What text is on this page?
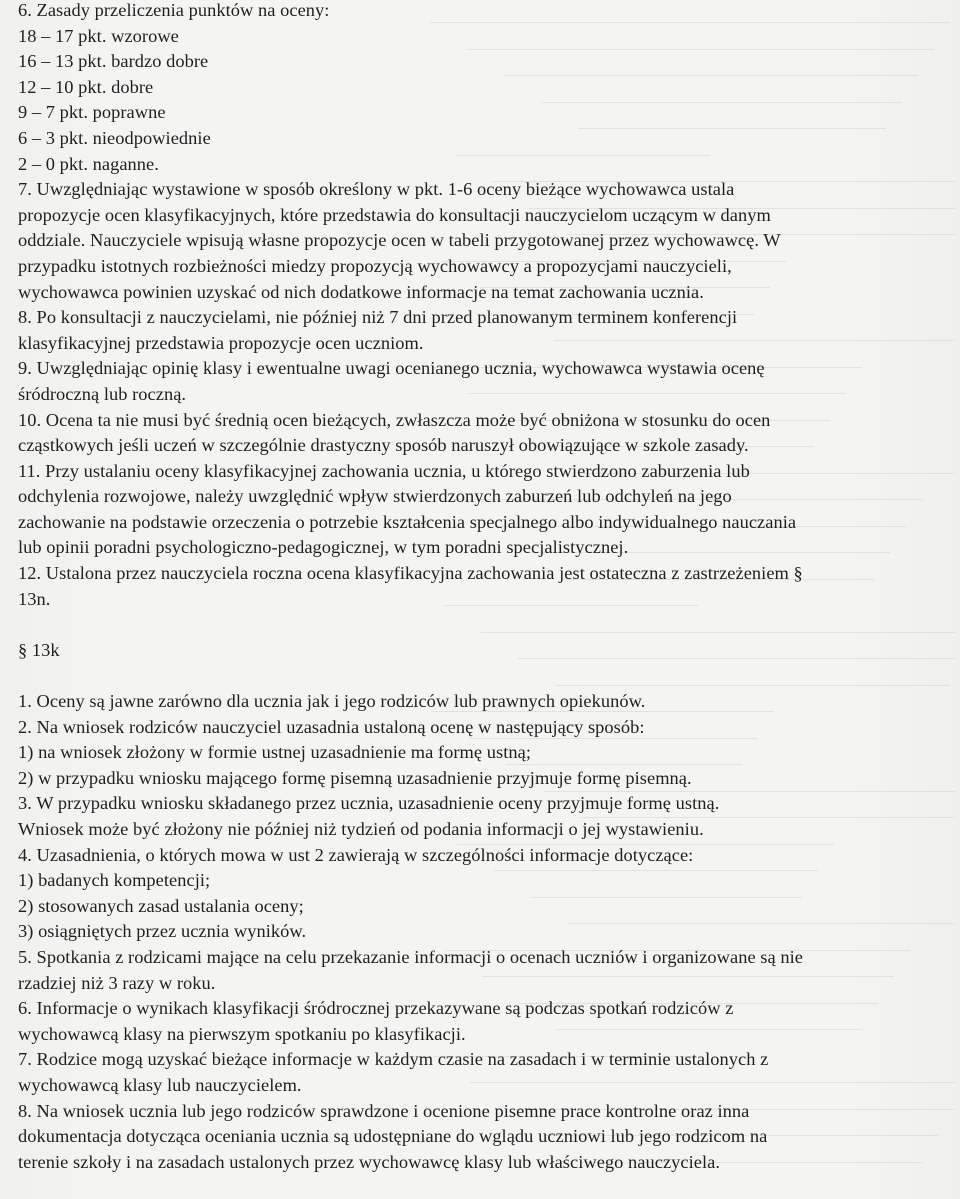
6. Zasady przeliczenia punktów na oceny:
18 – 17 pkt. wzorowe
16 – 13 pkt. bardzo dobre
12 – 10 pkt. dobre
9 – 7 pkt. poprawne
6 – 3 pkt. nieodpowiednie
2 – 0 pkt. naganne.
7. Uwzględniając wystawione w sposób określony w pkt. 1-6 oceny bieżące wychowawca ustala
propozycje ocen klasyfikacyjnych, które przedstawia do konsultacji nauczycielom uczącym w danym
oddziale. Nauczyciele wpisują własne propozycje ocen w tabeli przygotowanej przez wychowawcę. W
przypadku istotnych rozbieżności miedzy propozycją wychowawcy a propozycjami nauczycieli,
wychowawca powinien uzyskać od nich dodatkowe informacje na temat zachowania ucznia.
8. Po konsultacji z nauczycielami, nie później niż 7 dni przed planowanym terminem konferencji
klasyfikacyjnej przedstawia propozycje ocen uczniom.
9. Uwzględniając opinię klasy i ewentualne uwagi ocenianego ucznia, wychowawca wystawia ocenę
śródroczną lub roczną.
10. Ocena ta nie musi być średnią ocen bieżących, zwłaszcza może być obniżona w stosunku do ocen
cząstkowych jeśli uczeń w szczególnie drastyczny sposób naruszył obowiązujące w szkole zasady.
11. Przy ustalaniu oceny klasyfikacyjnej zachowania ucznia, u którego stwierdzono zaburzenia lub
odchylenia rozwojowe, należy uwzględnić wpływ stwierdzonych zaburzeń lub odchyleń na jego
zachowanie na podstawie orzeczenia o potrzebie kształcenia specjalnego albo indywidualnego nauczania
lub opinii poradni psychologiczno-pedagogicznej, w tym poradni specjalistycznej.
12. Ustalona przez nauczyciela roczna ocena klasyfikacyjna zachowania jest ostateczna z zastrzeżeniem §
13n.
§ 13k
1. Oceny są jawne zarówno dla ucznia jak i jego rodziców lub prawnych opiekunów.
2. Na wniosek rodziców nauczyciel uzasadnia ustaloną ocenę w następujący sposób:
1) na wniosek złożony w formie ustnej uzasadnienie ma formę ustną;
2) w przypadku wniosku mającego formę pisemną uzasadnienie przyjmuje formę pisemną.
3. W przypadku wniosku składanego przez ucznia, uzasadnienie oceny przyjmuje formę ustną.
Wniosek może być złożony nie później niż tydzień od podania informacji o jej wystawieniu.
4. Uzasadnienia, o których mowa w ust 2 zawierają w szczególności informacje dotyczące:
1) badanych kompetencji;
2) stosowanych zasad ustalania oceny;
3) osiągniętych przez ucznia wyników.
5. Spotkania z rodzicami mające na celu przekazanie informacji o ocenach uczniów i organizowane są nie
rzadziej niż 3 razy w roku.
6. Informacje o wynikach klasyfikacji śródrocznej przekazywane są podczas spotkań rodziców z
wychowawcą klasy na pierwszym spotkaniu po klasyfikacji.
7. Rodzice mogą uzyskać bieżące informacje w każdym czasie na zasadach i w terminie ustalonych z
wychowawcą klasy lub nauczycielem.
8. Na wniosek ucznia lub jego rodziców sprawdzone i ocenione pisemne prace kontrolne oraz inna
dokumentacja dotycząca oceniania ucznia są udostępniane do wglądu uczniowi lub jego rodzicom na
terenie szkoły i na zasadach ustalonych przez wychowawcę klasy lub właściwego nauczyciela.
